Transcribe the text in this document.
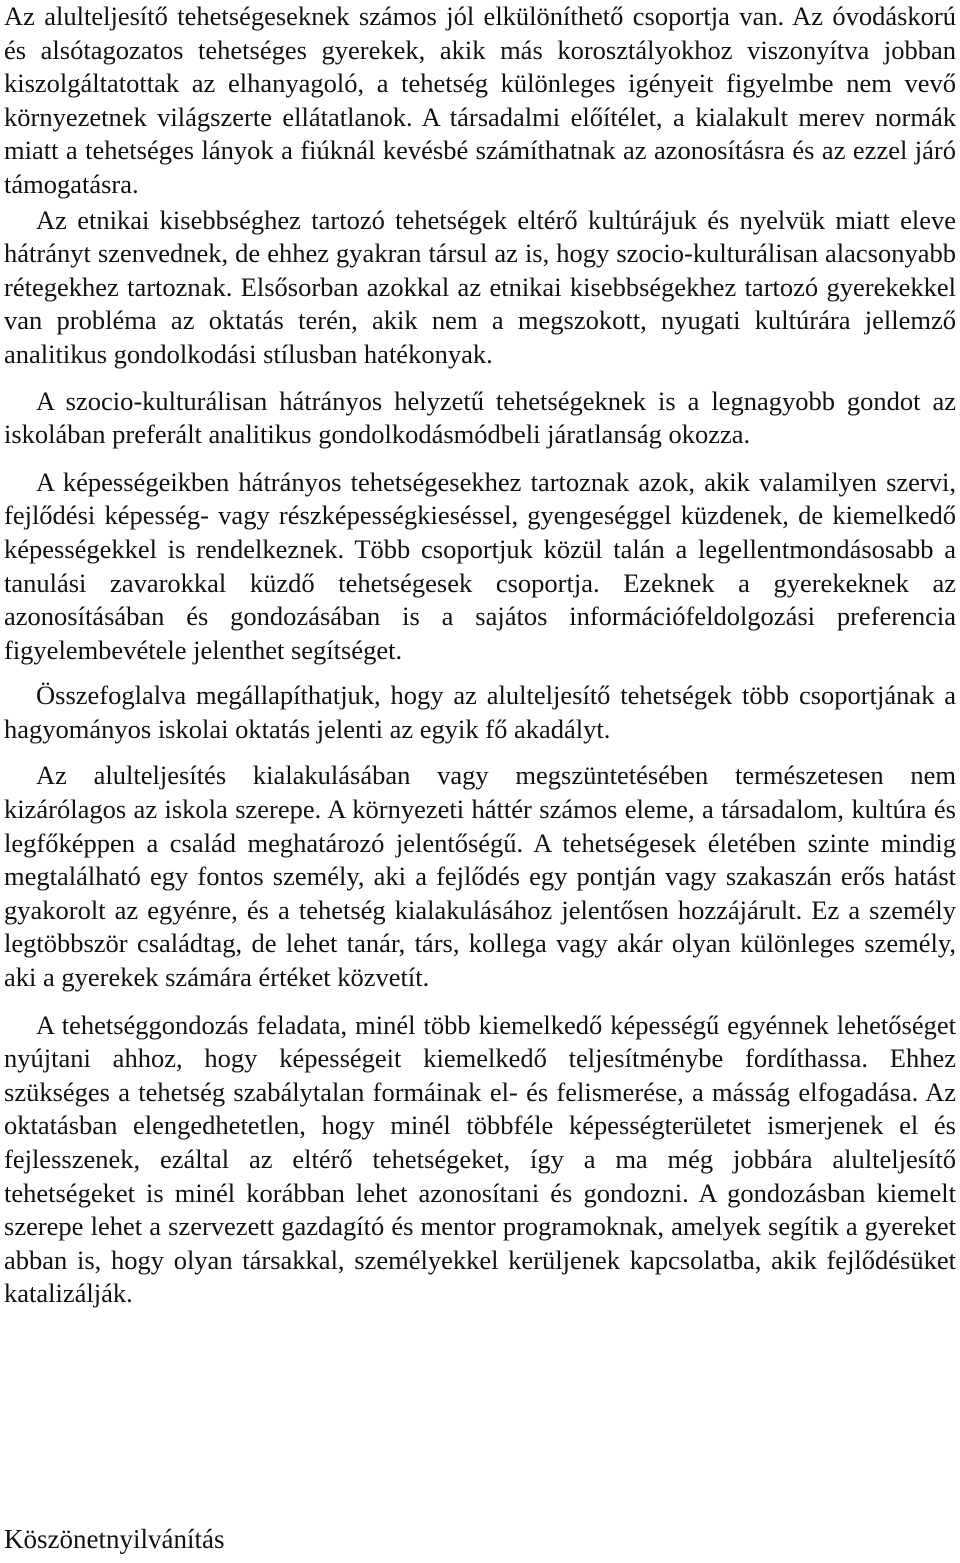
Az alulteljesítő tehetségeseknek számos jól elkülöníthető csoportja van. Az óvodáskorú és alsótagozatos tehetséges gyerekek, akik más korosztályokhoz viszonyítva jobban kiszolgáltatottak az elhanyagoló, a tehetség különleges igényeit figyelmbe nem vevő környezetnek világszerte ellátatlanok. A társadalmi előítélet, a kialakult merev normák miatt a tehetséges lányok a fiúknál kevésbé számíthatnak az azonosításra és az ezzel járó támogatásra.

Az etnikai kisebbséghez tartozó tehetségek eltérő kultúrájuk és nyelvük miatt eleve hátrányt szenvednek, de ehhez gyakran társul az is, hogy szocio-kulturálisan alacsonyabb rétegekhez tartoznak. Elsősorban azokkal az etnikai kisebbségekhez tartozó gyerekekkel van probléma az oktatás terén, akik nem a megszokott, nyugati kultúrára jellemző analitikus gondolkodási stílusban hatékonyak.

A szocio-kulturálisan hátrányos helyzetű tehetségeknek is a legnagyobb gondot az iskolában preferált analitikus gondolkodásmódbeli járatlanság okozza.

A képességeikben hátrányos tehetségesekhez tartoznak azok, akik valamilyen szervi, fejlődési képesség- vagy részképességkieséssel, gyengeséggel küzdenek, de kiemelkedő képességekkel is rendelkeznek. Több csoportjuk közül talán a legellentmondásosabb a tanulási zavarokkal küzdő tehetségesek csoportja. Ezeknek a gyerekeknek az azonosításában és gondozásában is a sajátos információfeldolgozási preferencia figyelembevétele jelenthet segítséget.

Összefoglalva megállapíthatjuk, hogy az alulteljesítő tehetségek több csoportjának a hagyományos iskolai oktatás jelenti az egyik fő akadályt.

Az alulteljesítés kialakulásában vagy megszüntetésében természetesen nem kizárólagos az iskola szerepe. A környezeti háttér számos eleme, a társadalom, kultúra és legfőképpen a család meghatározó jelentőségű. A tehetségesek életében szinte mindig megtalálható egy fontos személy, aki a fejlődés egy pontján vagy szakaszán erős hatást gyakorolt az egyénre, és a tehetség kialakulásához jelentősen hozzájárult. Ez a személy legtöbbször családtag, de lehet tanár, társ, kollega vagy akár olyan különleges személy, aki a gyerekek számára értéket közvetít.

A tehetséggondozás feladata, minél több kiemelkedő képességű egyénnek lehetőséget nyújtani ahhoz, hogy képességeit kiemelkedő teljesítménybe fordíthassa. Ehhez szükséges a tehetség szabálytalan formáinak el- és felismerése, a másság elfogadása. Az oktatásban elengedhetetlen, hogy minél többféle képességterületet ismerjenek el és fejlesszenek, ezáltal az eltérő tehetségeket, így a ma még jobbára alulteljesítő tehetségeket is minél korábban lehet azonosítani és gondozni. A gondozásban kiemelt szerepe lehet a szervezett gazdagító és mentor programoknak, amelyek segítik a gyereket abban is, hogy olyan társakkal, személyekkel kerüljenek kapcsolatba, akik fejlődésüket katalizálják.

Köszönetnyilvánítás
